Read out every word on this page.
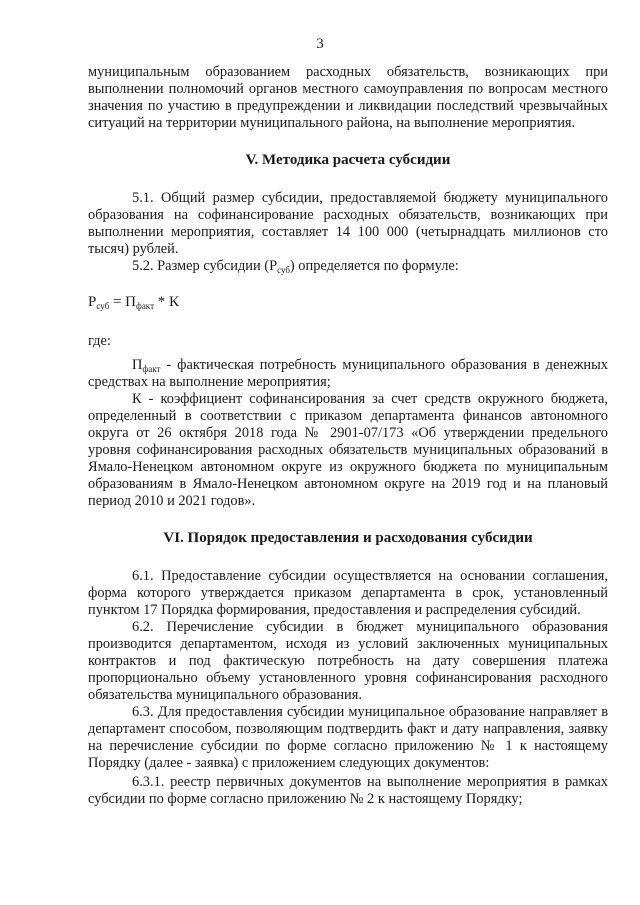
3

муниципальным образованием расходных обязательств, возникающих при выполнении полномочий органов местного самоуправления по вопросам местного значения по участию в предупреждении и ликвидации последствий чрезвычайных ситуаций на территории муниципального района, на выполнение мероприятия.

V. Методика расчета субсидии

5.1. Общий размер субсидии, предоставляемой бюджету муниципального образования на софинансирование расходных обязательств, возникающих при выполнении мероприятия, составляет 14 100 000 (четырнадцать миллионов сто тысяч) рублей.

5.2. Размер субсидии $(Р_{суб})$ определяется по формуле:

$Р_{суб} = П_{факт} * К$

где:

$П_{факт}$ - фактическая потребность муниципального образования в денежных средствах на выполнение мероприятия;

К - коэффициент софинансирования за счет средств окружного бюджета, определенный в соответствии с приказом департамента финансов автономного округа от 26 октября 2018 года № 2901-07/173 «Об утверждении предельного уровня софинансирования расходных обязательств муниципальных образований в Ямало-Ненецком автономном округе из окружного бюджета по муниципальным образованиям в Ямало-Ненецком автономном округе на 2019 год и на плановый период 2010 и 2021 годов».

VI. Порядок предоставления и расходования субсидии

6.1. Предоставление субсидии осуществляется на основании соглашения, форма которого утверждается приказом департамента в срок, установленный пунктом 17 Порядка формирования, предоставления и распределения субсидий.

6.2. Перечисление субсидии в бюджет муниципального образования производится департаментом, исходя из условий заключенных муниципальных контрактов и под фактическую потребность на дату совершения платежа пропорционально объему установленного уровня софинансирования расходного обязательства муниципального образования.

6.3. Для предоставления субсидии муниципальное образование направляет в департамент способом, позволяющим подтвердить факт и дату направления, заявку на перечисление субсидии по форме согласно приложению № 1 к настоящему Порядку (далее - заявка) с приложением следующих документов:

6.3.1. реестр первичных документов на выполнение мероприятия в рамках субсидии по форме согласно приложению № 2 к настоящему Порядку;
